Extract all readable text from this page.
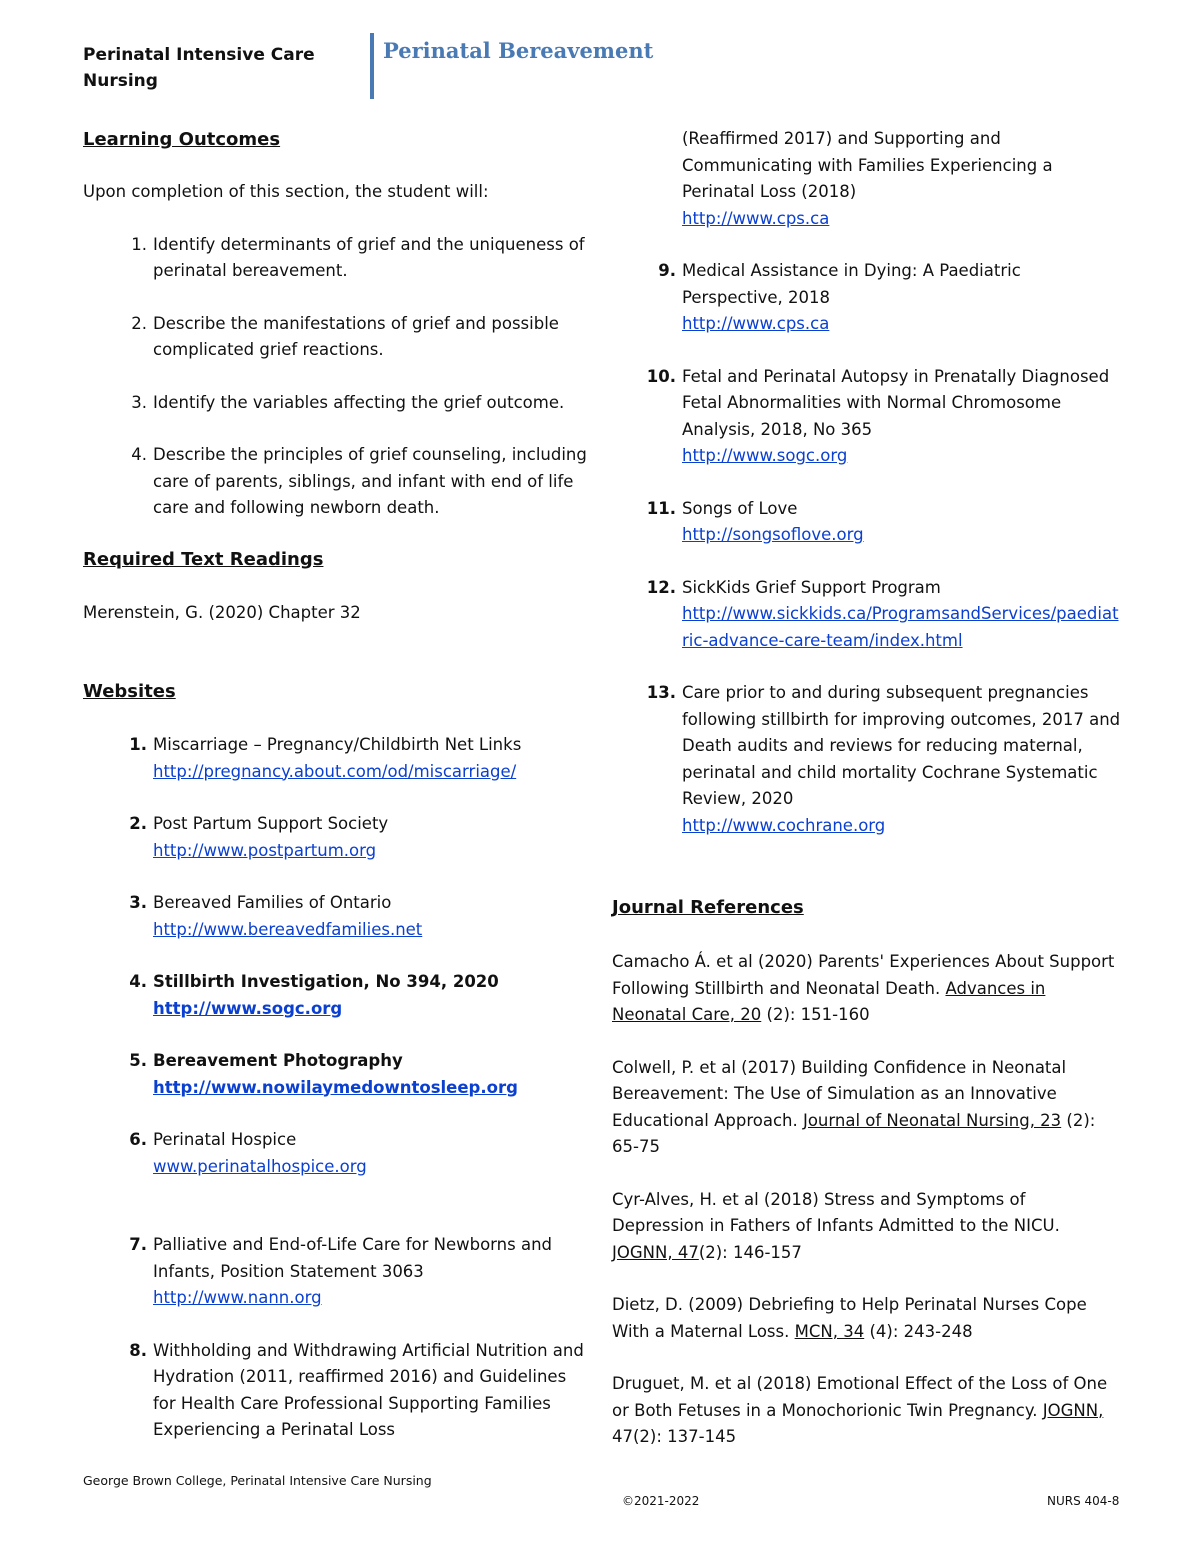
Perinatal Intensive Care Nursing
Perinatal Bereavement
Learning Outcomes

Upon completion of this section, the student will:

1. Identify determinants of grief and the uniqueness of perinatal bereavement.
2. Describe the manifestations of grief and possible complicated grief reactions.
3. Identify the variables affecting the grief outcome.
4. Describe the principles of grief counseling, including care of parents, siblings, and infant with end of life care and following newborn death.
Required Text Readings

Merenstein, G. (2020) Chapter 32

Websites
1. Miscarriage – Pregnancy/Childbirth Net Links
http://pregnancy.about.com/od/miscarriage/
2. Post Partum Support Society
http://www.postpartum.org
3. Bereaved Families of Ontario
http://www.bereavedfamilies.net
4. Stillbirth Investigation, No 394, 2020
http://www.sogc.org
5. Bereavement Photography
http://www.nowilaymedowntosleep.org
6. Perinatal Hospice
www.perinatalhospice.org
7. Palliative and End-of-Life Care for Newborns and Infants, Position Statement 3063
http://www.nann.org
8. Withholding and Withdrawing Artificial Nutrition and Hydration (2011, reaffirmed 2016) and Guidelines for Health Care Professional Supporting Families Experiencing a Perinatal Loss
(Reaffirmed 2017) and Supporting and Communicating with Families Experiencing a Perinatal Loss (2018)
http://www.cps.ca
9. Medical Assistance in Dying: A Paediatric Perspective, 2018
http://www.cps.ca
10. Fetal and Perinatal Autopsy in Prenatally Diagnosed Fetal Abnormalities with Normal Chromosome Analysis, 2018, No 365
http://www.sogc.org
11. Songs of Love
http://songsoflove.org
12. SickKids Grief Support Program
http://www.sickkids.ca/ProgramsandServices/paediatric-advance-care-team/index.html
13. Care prior to and during subsequent pregnancies following stillbirth for improving outcomes, 2017 and Death audits and reviews for reducing maternal, perinatal and child mortality Cochrane Systematic Review, 2020
http://www.cochrane.org
Journal References

Camacho Á. et al (2020) Parents' Experiences About Support Following Stillbirth and Neonatal Death. Advances in Neonatal Care, 20 (2): 151-160

Colwell, P. et al (2017) Building Confidence in Neonatal Bereavement: The Use of Simulation as an Innovative Educational Approach. Journal of Neonatal Nursing, 23 (2): 65-75

Cyr-Alves, H. et al (2018) Stress and Symptoms of Depression in Fathers of Infants Admitted to the NICU. JOGNN, 47(2): 146-157

Dietz, D. (2009) Debriefing to Help Perinatal Nurses Cope With a Maternal Loss. MCN, 34 (4): 243-248

Druguet, M. et al (2018) Emotional Effect of the Loss of One or Both Fetuses in a Monochorionic Twin Pregnancy. JOGNN, 47(2): 137-145

George Brown College, Perinatal Intensive Care Nursing
©2021-2022	NURS 404-8
